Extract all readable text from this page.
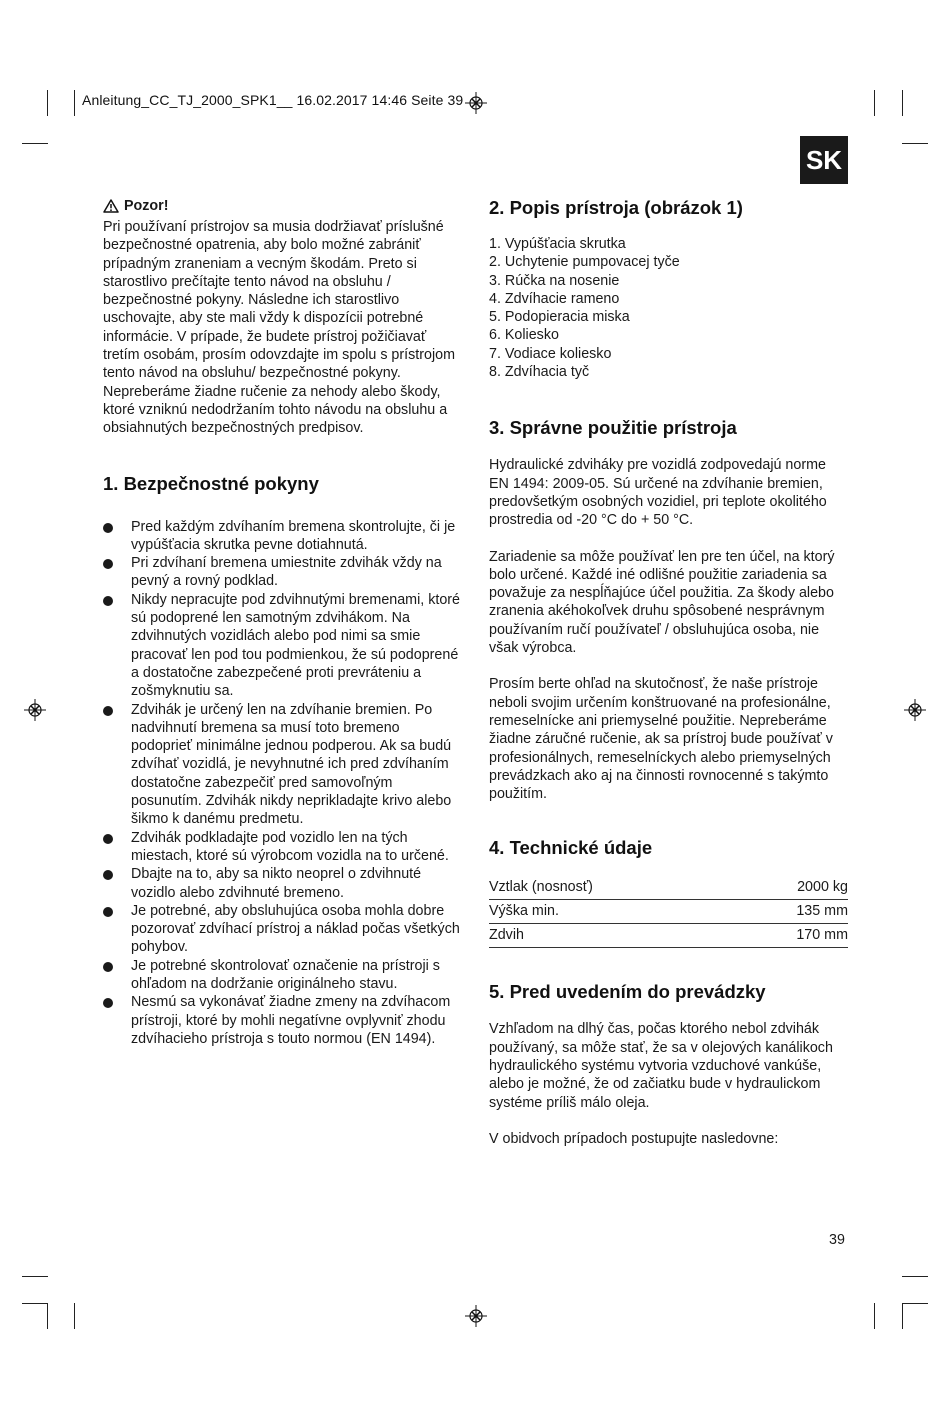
Anleitung_CC_TJ_2000_SPK1__ 16.02.2017 14:46 Seite 39
SK
Pozor!

Pri používaní prístrojov sa musia dodržiavať príslušné bezpečnostné opatrenia, aby bolo možné zabrániť prípadným zraneniam a vecným škodám. Preto si starostlivo prečítajte tento návod na obsluhu / bezpečnostné pokyny. Následne ich starostlivo uschovajte, aby ste mali vždy k dispozícii potrebné informácie. V prípade, že budete prístroj požičiavať tretím osobám, prosím odovzdajte im spolu s prístrojom tento návod na obsluhu/ bezpečnostné pokyny. Nepreberáme žiadne ručenie za nehody alebo škody, ktoré vzniknú nedodržaním tohto návodu na obsluhu a obsiahnutých bezpečnostných predpisov.

1. Bezpečnostné pokyny
Pred každým zdvíhaním bremena skontrolujte, či je vypúšťacia skrutka pevne dotiahnutá.
Pri zdvíhaní bremena umiestnite zdvihák vždy na pevný a rovný podklad.
Nikdy nepracujte pod zdvihnutými bremenami, ktoré sú podoprené len samotným zdvihákom. Na zdvihnutých vozidlách alebo pod nimi sa smie pracovať len pod tou podmienkou, že sú podoprené a dostatočne zabezpečené proti prevráteniu a zošmyknutiu sa.
Zdvihák je určený len na zdvíhanie bremien. Po nadvihnutí bremena sa musí toto bremeno podoprieť minimálne jednou podperou. Ak sa budú zdvíhať vozidlá, je nevyhnutné ich pred zdvíhaním dostatočne zabezpečiť pred samovoľným posunutím. Zdvihák nikdy neprikladajte krivo alebo šikmo k danému predmetu.
Zdvihák podkladajte pod vozidlo len na tých miestach, ktoré sú výrobcom vozidla na to určené.
Dbajte na to, aby sa nikto neoprel o zdvihnuté vozidlo alebo zdvihnuté bremeno.
Je potrebné, aby obsluhujúca osoba mohla dobre pozorovať zdvíhací prístroj a náklad počas všetkých pohybov.
Je potrebné skontrolovať označenie na prístroji s ohľadom na dodržanie originálneho stavu.
Nesmú sa vykonávať žiadne zmeny na zdvíhacom prístroji, ktoré by mohli negatívne ovplyvniť zhodu zdvíhacieho prístroja s touto normou (EN 1494).
2. Popis prístroja (obrázok 1)
1. Vypúšťacia skrutka
2. Uchytenie pumpovacej tyče
3. Rúčka na nosenie
4. Zdvíhacie rameno
5. Podopieracia miska
6. Koliesko
7. Vodiace koliesko
8. Zdvíhacia tyč
3. Správne použitie prístroja

Hydraulické zdviháky pre vozidlá zodpovedajú norme EN 1494: 2009-05. Sú určené na zdvíhanie bremien, predovšetkým osobných vozidiel, pri teplote okolitého prostredia od -20 °C do + 50 °C.

Zariadenie sa môže používať len pre ten účel, na ktorý bolo určené. Každé iné odlišné použitie zariadenia sa považuje za nespĺňajúce účel použitia. Za škody alebo zranenia akéhokoľvek druhu spôsobené nesprávnym používaním ručí používateľ / obsluhujúca osoba, nie však výrobca.

Prosím berte ohľad na skutočnosť, že naše prístroje neboli svojim určením konštruované na profesionálne, remeselnícke ani priemyselné použitie. Nepreberáme žiadne záručné ručenie, ak sa prístroj bude používať v profesionálnych, remeselníckych alebo priemyselných prevádzkach ako aj na činnosti rovnocenné s takýmto použitím.

4. Technické údaje
Vztlak (nosnosť)	2000 kg
Výška min.	135 mm
Zdvih	170 mm
5. Pred uvedením do prevádzky

Vzhľadom na dlhý čas, počas ktorého nebol zdvihák používaný, sa môže stať, že sa v olejových kanálikoch hydraulického systému vytvoria vzduchové vankúše, alebo je možné, že od začiatku bude v hydraulickom systéme príliš málo oleja.

V obidvoch prípadoch postupujte nasledovne:

39
